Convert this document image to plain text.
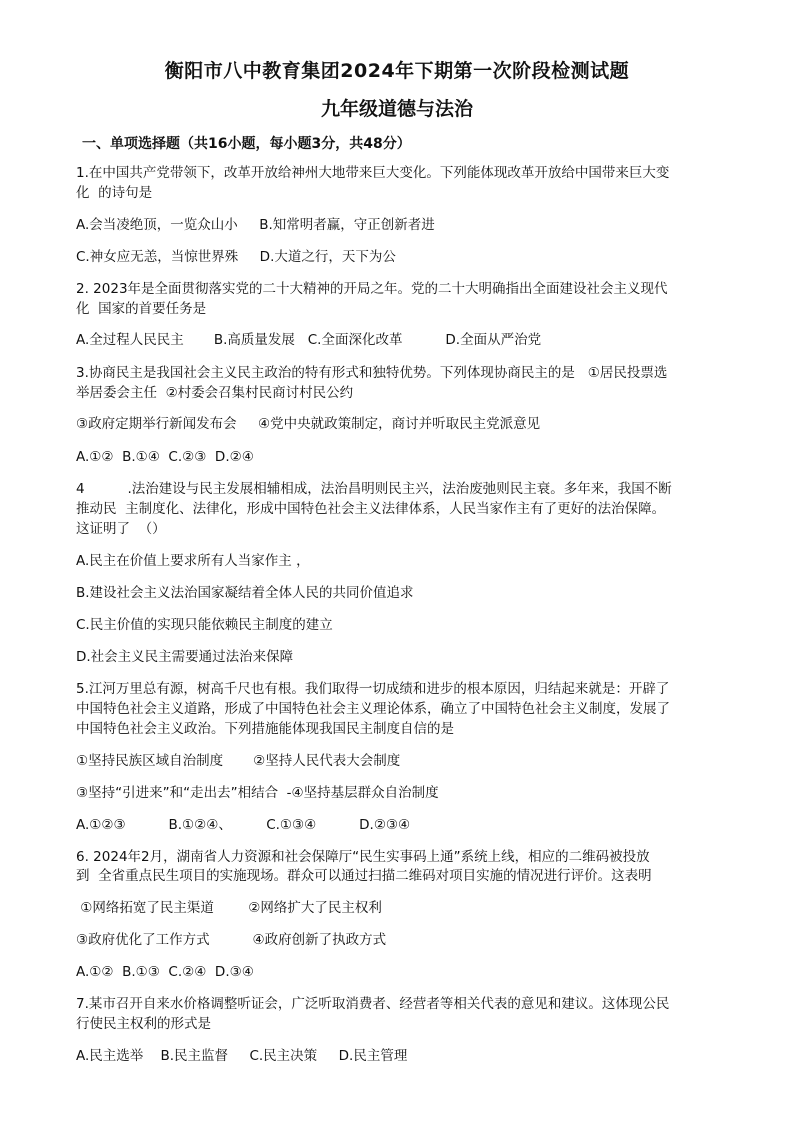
衡阳市八中教育集团2024年下期第一次阶段检测试题
九年级道德与法治
一、单项选择题（共16小题，每小题3分，共48分）
1.在中国共产党带领下，改革开放给神州大地带来巨大变化。下列能体现改革开放给中国带来巨大变
化  的诗句是
A.会当凌绝顶，一览众山小     B.知常明者赢，守正创新者进
C.神女应无恙，当惊世界殊     D.大道之行，天下为公
2. 2023年是全面贯彻落实党的二十大精神的开局之年。党的二十大明确指出全面建设社会主义现代
化  国家的首要任务是
A.全过程人民民主       B.高质量发展   C.全面深化改革          D.全面从严治党
3.协商民主是我国社会主义民主政治的特有形式和独特优势。下列体现协商民主的是   ①居民投票选
举居委会主任  ②村委会召集村民商讨村民公约
③政府定期举行新闻发布会     ④党中央就政策制定，商讨并听取民主党派意见
A.①②  B.①④  C.②③  D.②④
4          .法治建设与民主发展相辅相成，法治昌明则民主兴，法治废弛则民主衰。多年来，我国不断
推动民  主制度化、法律化，形成中国特色社会主义法律体系，人民当家作主有了更好的法治保障。
这证明了  （）
A.民主在价值上要求所有人当家作主 ，
B.建设社会主义法治国家凝结着全体人民的共同价值追求
C.民主价值的实现只能依赖民主制度的建立
D.社会主义民主需要通过法治来保障
5.江河万里总有源，树高千尺也有根。我们取得一切成绩和进步的根本原因，归结起来就是：开辟了
中国特色社会主义道路，形成了中国特色社会主义理论体系，确立了中国特色社会主义制度，发展了
中国特色社会主义政治。下列措施能体现我国民主制度自信的是
①坚持民族区域自治制度       ②坚持人民代表大会制度
③坚持“引进来”和“走出去”相结合  -④坚持基层群众自治制度
A.①②③          B.①②④、        C.①③④          D.②③④
6. 2024年2月，湖南省人力资源和社会保障厅“民生实事码上通”系统上线，相应的二维码被投放
到  全省重点民生项目的实施现场。群众可以通过扫描二维码对项目实施的情况进行评价。这表明
①网络拓宽了民主渠道        ②网络扩大了民主权利
③政府优化了工作方式          ④政府创新了执政方式
A.①②  B.①③  C.②④  D.③④
7.某市召开自来水价格调整听证会，广泛听取消费者、经营者等相关代表的意见和建议。这体现公民
行使民主权利的形式是
A.民主选举    B.民主监督     C.民主决策     D.民主管理
